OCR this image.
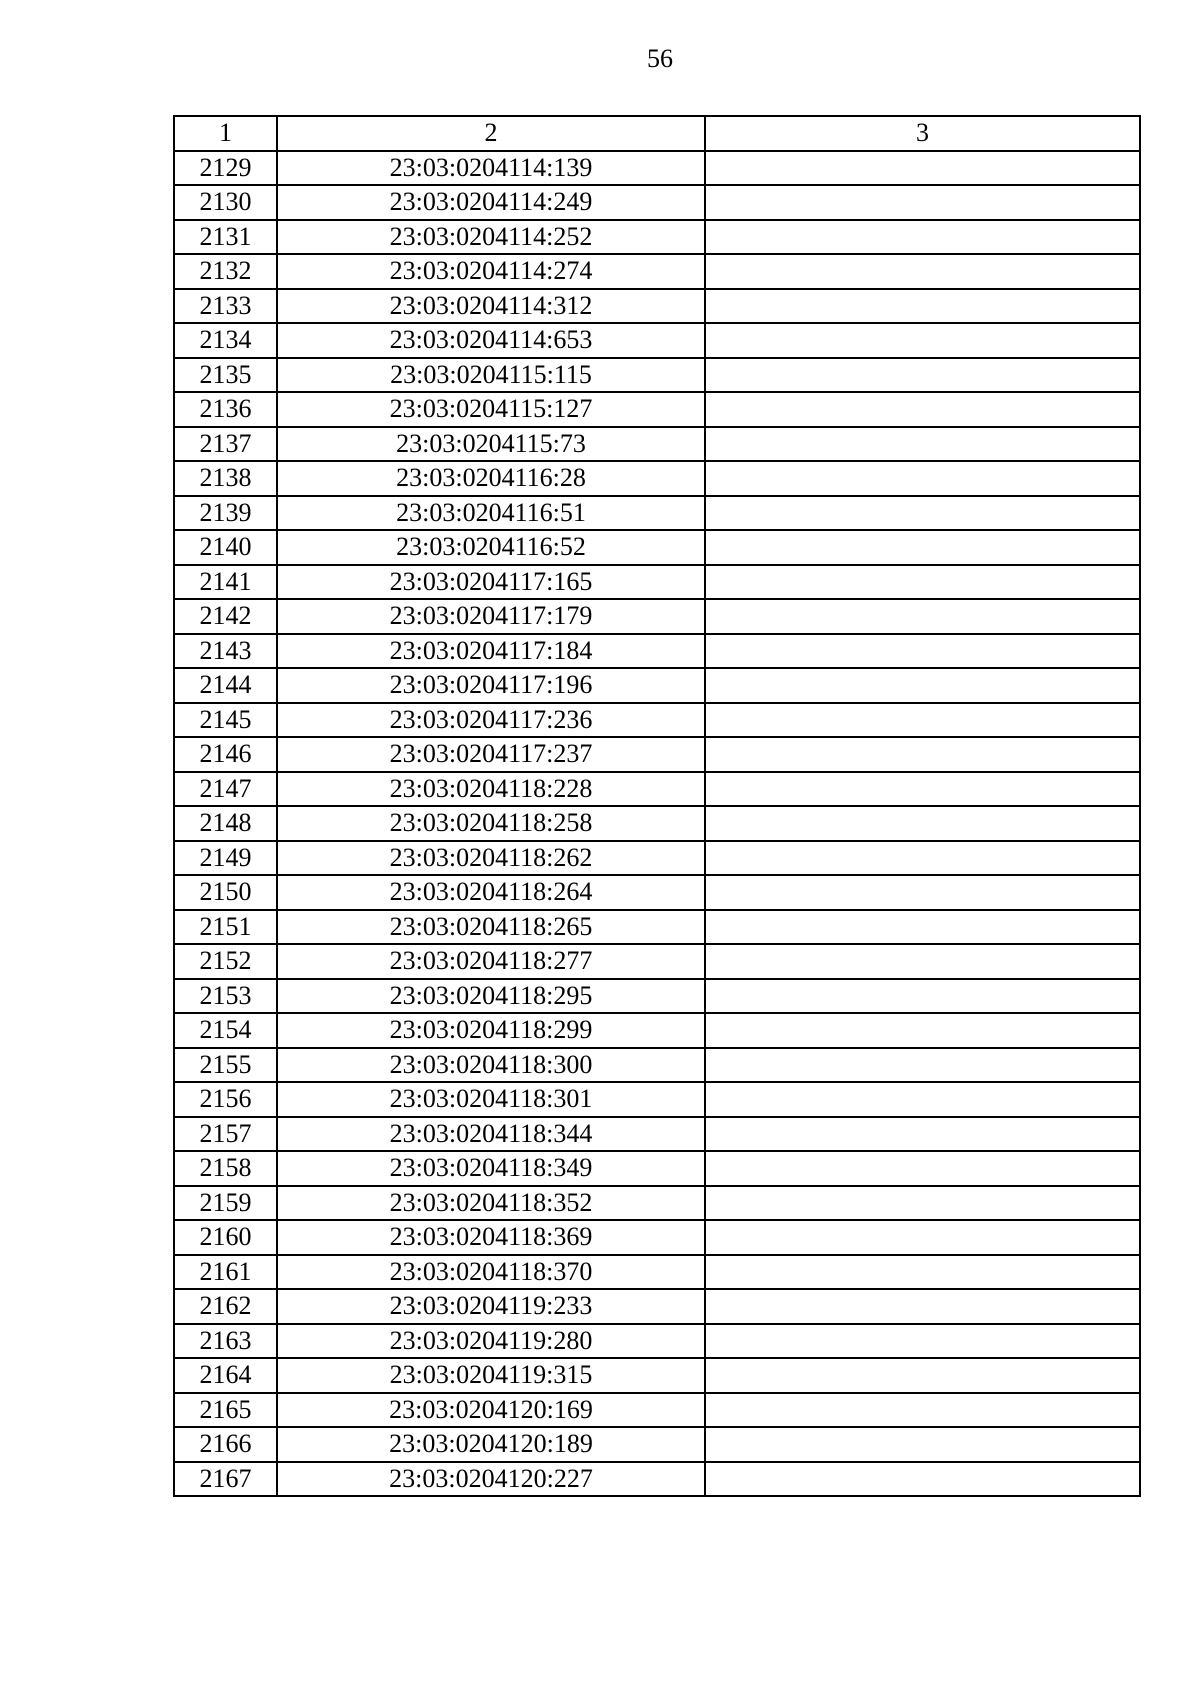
56
1	2	3
2129	23:03:0204114:139	
2130	23:03:0204114:249	
2131	23:03:0204114:252	
2132	23:03:0204114:274	
2133	23:03:0204114:312	
2134	23:03:0204114:653	
2135	23:03:0204115:115	
2136	23:03:0204115:127	
2137	23:03:0204115:73	
2138	23:03:0204116:28	
2139	23:03:0204116:51	
2140	23:03:0204116:52	
2141	23:03:0204117:165	
2142	23:03:0204117:179	
2143	23:03:0204117:184	
2144	23:03:0204117:196	
2145	23:03:0204117:236	
2146	23:03:0204117:237	
2147	23:03:0204118:228	
2148	23:03:0204118:258	
2149	23:03:0204118:262	
2150	23:03:0204118:264	
2151	23:03:0204118:265	
2152	23:03:0204118:277	
2153	23:03:0204118:295	
2154	23:03:0204118:299	
2155	23:03:0204118:300	
2156	23:03:0204118:301	
2157	23:03:0204118:344	
2158	23:03:0204118:349	
2159	23:03:0204118:352	
2160	23:03:0204118:369	
2161	23:03:0204118:370	
2162	23:03:0204119:233	
2163	23:03:0204119:280	
2164	23:03:0204119:315	
2165	23:03:0204120:169	
2166	23:03:0204120:189	
2167	23:03:0204120:227	
